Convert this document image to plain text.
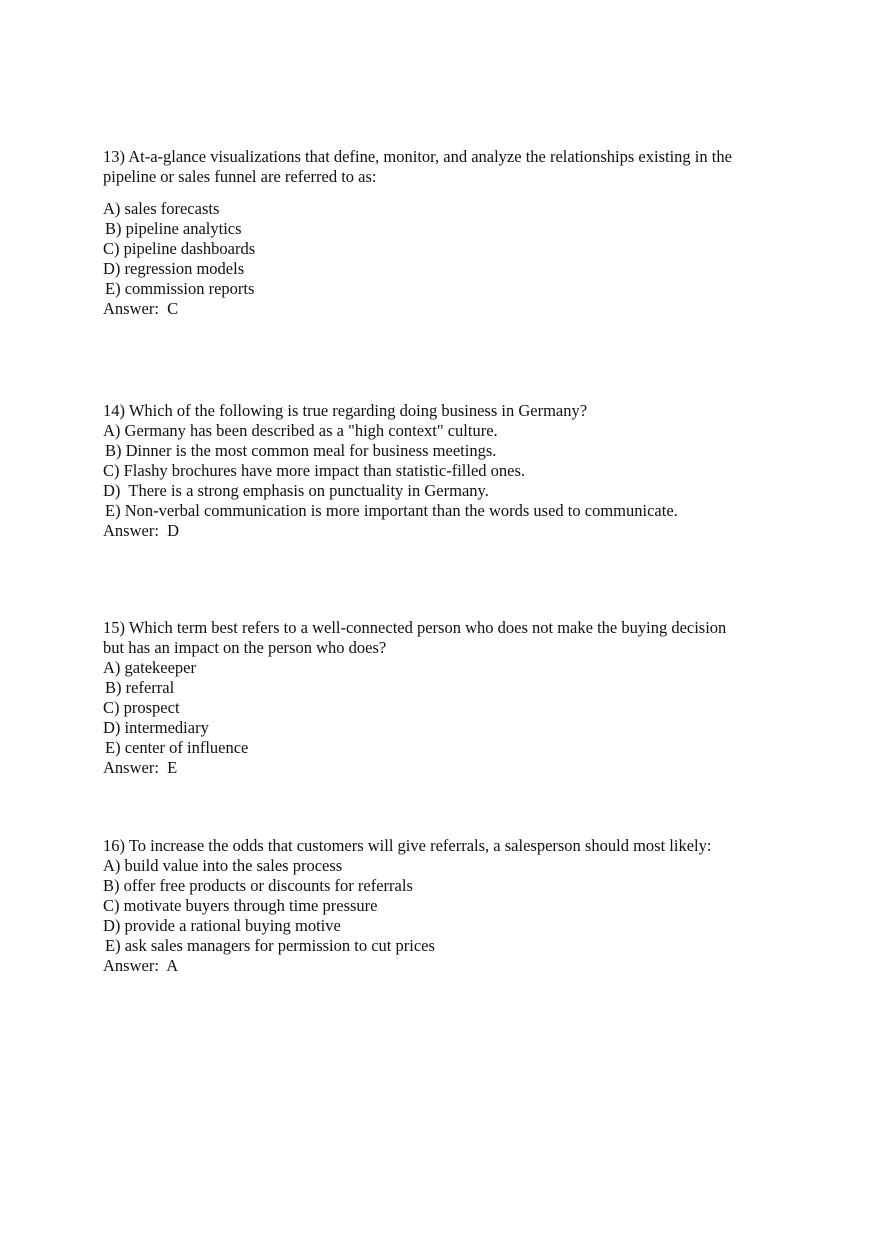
13) At-a-glance visualizations that define, monitor, and analyze the relationships existing in the
pipeline or sales funnel are referred to as:
A) sales forecasts
B) pipeline analytics
C) pipeline dashboards
D) regression models
E) commission reports
Answer:  C
14) Which of the following is true regarding doing business in Germany?
A) Germany has been described as a "high context" culture.
B) Dinner is the most common meal for business meetings.
C) Flashy brochures have more impact than statistic-filled ones.
D)  There is a strong emphasis on punctuality in Germany.
E) Non-verbal communication is more important than the words used to communicate.
Answer:  D
15) Which term best refers to a well-connected person who does not make the buying decision
but has an impact on the person who does?
A) gatekeeper
B) referral
C) prospect
D) intermediary
E) center of influence
Answer:  E
16) To increase the odds that customers will give referrals, a salesperson should most likely:
A) build value into the sales process
B) offer free products or discounts for referrals
C) motivate buyers through time pressure
D) provide a rational buying motive
E) ask sales managers for permission to cut prices
Answer:  A
